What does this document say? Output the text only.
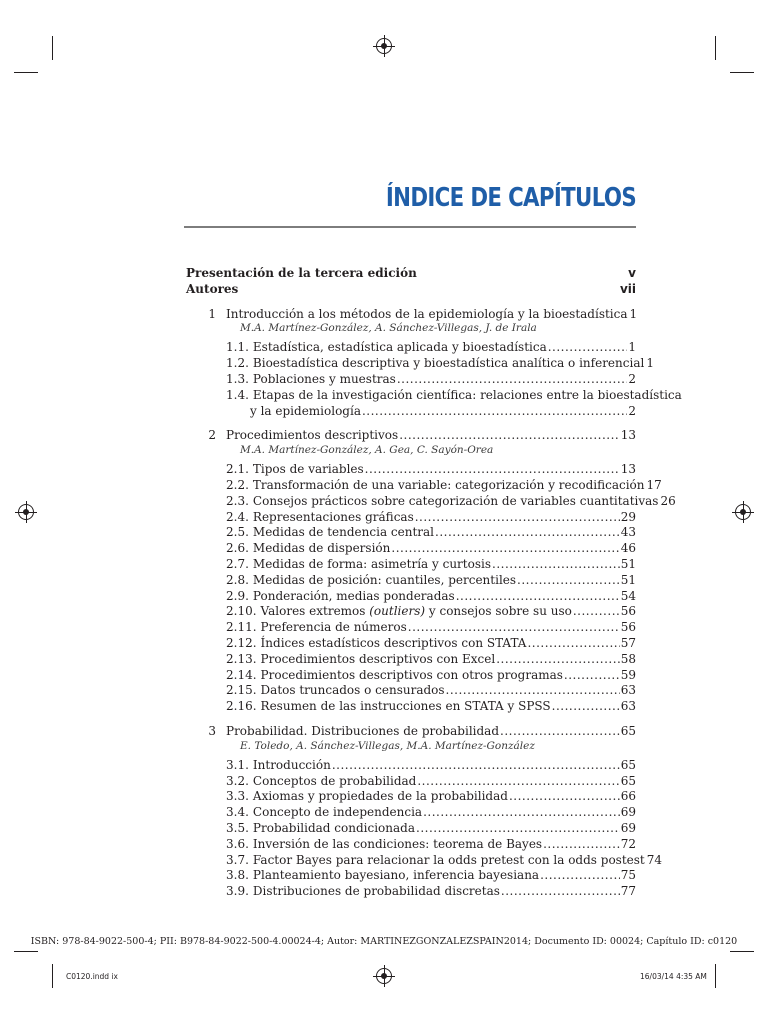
ÍNDICE DE CAPÍTULOS
Presentación de la tercera edición	v
Autores	vii
1 Introducción a los métodos de la epidemiología y la bioestadística 1
M.A. Martínez-González, A. Sánchez-Villegas, J. de Irala
1.1. Estadística, estadística aplicada y bioestadística .....	1
1.2. Bioestadística descriptiva y bioestadística analítica o inferencial 1
1.3. Poblaciones y muestras .....	2
1.4. Etapas de la investigación científica: relaciones entre la bioestadística
y la epidemiología .....	2
2 Procedimientos descriptivos .....	13
M.A. Martínez-González, A. Gea, C. Sayón-Orea
2.1. Tipos de variables .....	13
2.2. Transformación de una variable: categorización y recodificación 17
2.3. Consejos prácticos sobre categorización de variables cuantitativas 26
2.4. Representaciones gráficas .....	29
2.5. Medidas de tendencia central .....	43
2.6. Medidas de dispersión .....	46
2.7. Medidas de forma: asimetría y curtosis .....	51
2.8. Medidas de posición: cuantiles, percentiles .....	51
2.9. Ponderación, medias ponderadas .....	54
2.10. Valores extremos (outliers) y consejos sobre su uso .....	56
2.11. Preferencia de números .....	56
2.12. Índices estadísticos descriptivos con STATA .....	57
2.13. Procedimientos descriptivos con Excel .....	58
2.14. Procedimientos descriptivos con otros programas .....	59
2.15. Datos truncados o censurados .....	63
2.16. Resumen de las instrucciones en STATA y SPSS .....	63
3 Probabilidad. Distribuciones de probabilidad .....	65
E. Toledo, A. Sánchez-Villegas, M.A. Martínez-González
3.1. Introducción .....	65
3.2. Conceptos de probabilidad .....	65
3.3. Axiomas y propiedades de la probabilidad .....	66
3.4. Concepto de independencia .....	69
3.5. Probabilidad condicionada .....	69
3.6. Inversión de las condiciones: teorema de Bayes .....	72
3.7. Factor Bayes para relacionar la odds pretest con la odds postest 74
3.8. Planteamiento bayesiano, inferencia bayesiana .....	75
3.9. Distribuciones de probabilidad discretas .....	77
ISBN: 978-84-9022-500-4; PII: B978-84-9022-500-4.00024-4; Autor: MARTINEZGONZALEZSPAIN2014; Documento ID: 00024; Capítulo ID: c0120
C0120.indd ix	16/03/14 4:35 AM
